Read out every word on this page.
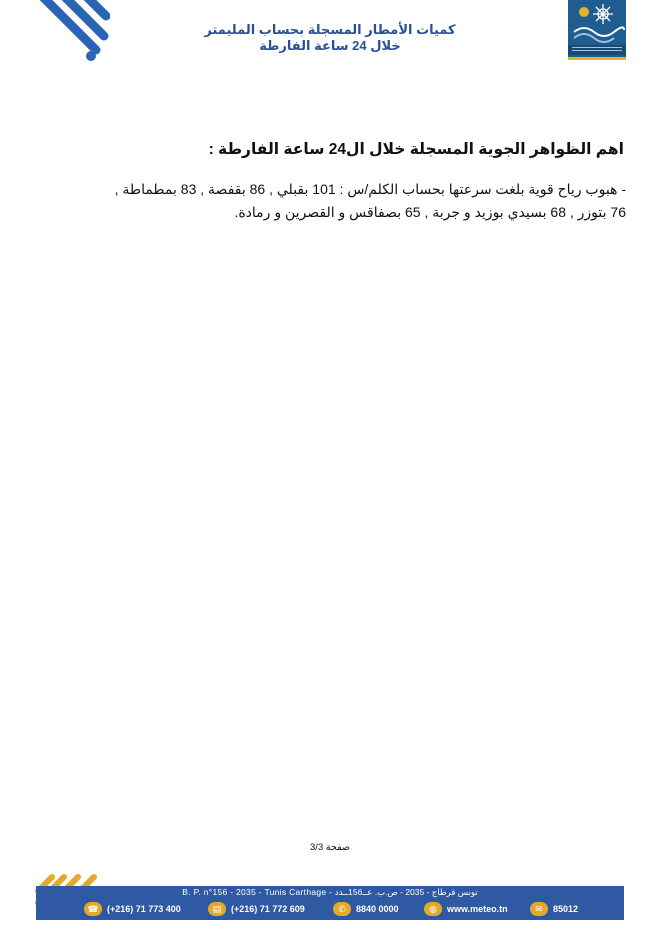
كميات الأمطار المسجلة بحساب المليمتر
خلال 24 ساعة الفارطة
اهم الظواهر الجوية المسجلة خلال ال24 ساعة الفارطة :
- هبوب رياح قوية بلغت سرعتها بحساب الكلم/س : 101 بقبلي , 86 بقفصة , 83 بمطماطة ,
76 بتوزر , 68 بسيدي بوزيد و جربة , 65 بصفاقس و القصرين و رمادة.
صفحة 3/3
B. P. n°156 - 2035 - Tunis Carthage - تونس قرطاج - 2035 - ص.ب. عــ156ــدد
☎ (+216) 71 773 400	▤	(+216) 71 772 609	✆	8840 0000	◍	www.meteo.tn	✉	85012
